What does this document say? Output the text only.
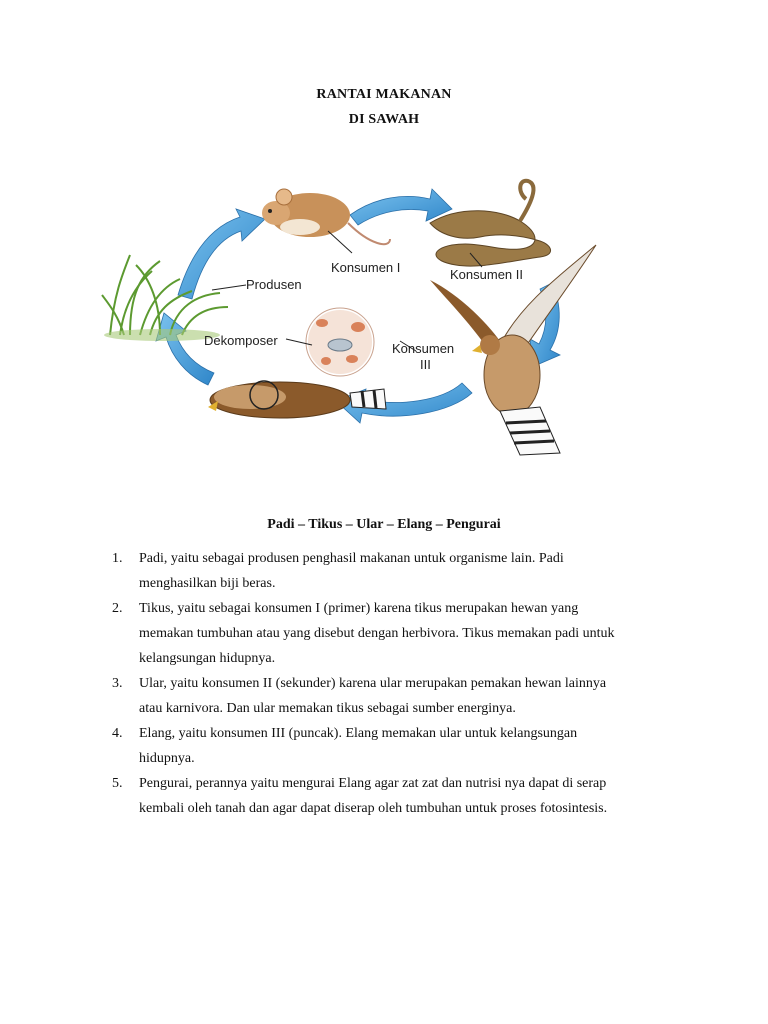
RANTAI MAKANAN
DI SAWAH
Konsumen I	Konsumen II
Konsumen
III
Produsen
Dekomposer
Padi – Tikus – Ular – Elang – Pengurai
1. Padi, yaitu sebagai produsen penghasil makanan untuk organisme lain. Padi
menghasilkan biji beras.
2. Tikus, yaitu sebagai konsumen I (primer) karena tikus merupakan hewan yang
memakan tumbuhan atau yang disebut dengan herbivora. Tikus memakan padi untuk
kelangsungan hidupnya.
3. Ular, yaitu konsumen II (sekunder) karena ular merupakan pemakan hewan lainnya
atau karnivora. Dan ular memakan tikus sebagai sumber energinya.
4. Elang, yaitu konsumen III (puncak). Elang memakan ular untuk kelangsungan
hidupnya.
5. Pengurai, perannya yaitu mengurai Elang agar zat zat dan nutrisi nya dapat di serap
kembali oleh tanah dan agar dapat diserap oleh tumbuhan untuk proses fotosintesis.
